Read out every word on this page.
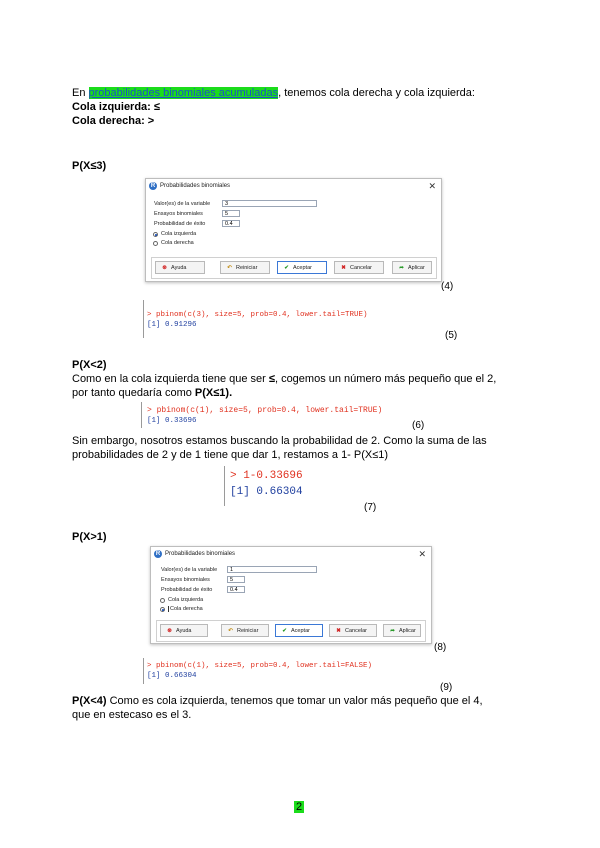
En probabilidades binomiales acumuladas, tenemos cola derecha y cola izquierda:
Cola izquierda: ≤
Cola derecha: >
P(X≤3)
R Probabilidades binomiales	✕
Valor(es) de la variable	3
Ensayos binomiales	5
Probabilidad de éxito	0.4
Cola izquierda
Cola derecha
⊛ Ayuda	↶ Reiniciar	✔ Aceptar	✖ Cancelar	➦ Aplicar
(4)
> pbinom(c(3), size=5, prob=0.4, lower.tail=TRUE)
[1] 0.91296
(5)
P(X<2)
Como en la cola izquierda tiene que ser ≤, cogemos un número más pequeño que el 2, por tanto quedaría como P(X≤1).
> pbinom(c(1), size=5, prob=0.4, lower.tail=TRUE)
[1] 0.33696	(6)
Sin embargo, nosotros estamos buscando la probabilidad de 2. Como la suma de las probabilidades de 2 y de 1 tiene que dar 1, restamos a 1- P(X≤1)
> 1-0.33696
[1] 0.66304
(7)
P(X>1)
R Probabilidades binomiales	✕
Valor(es) de la variable	1
Ensayos binomiales	5
Probabilidad de éxito	0.4
Cola izquierda
Cola derecha
⊛ Ayuda	↶ Reiniciar	✔ Aceptar	✖ Cancelar	➦ Aplicar
(8)
> pbinom(c(1), size=5, prob=0.4, lower.tail=FALSE)
[1] 0.66304
(9)
P(X<4) Como es cola izquierda, tenemos que tomar un valor más pequeño que el 4, que en estecaso es el 3.
2
